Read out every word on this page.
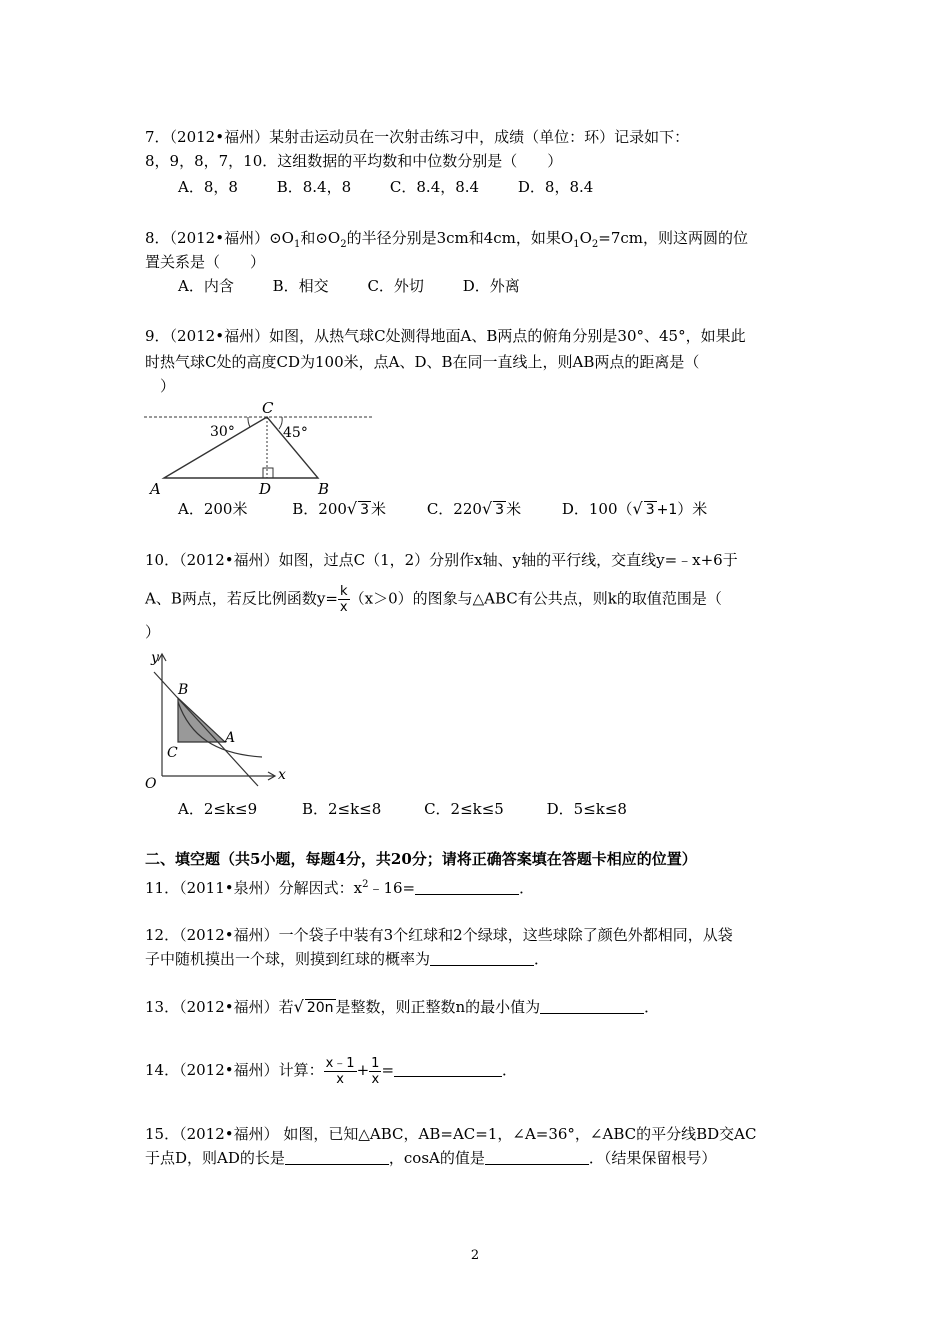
7．（2012•福州）某射击运动员在一次射击练习中，成绩（单位：环）记录如下：
8，9，8，7，10．这组数据的平均数和中位数分别是（　　）
A．8，8	B．8.4，8	C．8.4，8.4	D．8，8.4
8．（2012•福州）$⊙O_1$和$⊙O_2$的半径分别是3cm和4cm，如果$O_1O_2=7cm$，则这两圆的位
置关系是（　　）
A．内含	B．相交	C．外切	D．外离
9．（2012•福州）如图，从热气球C处测得地面A、B两点的俯角分别是30°、45°，如果此
时热气球C处的高度CD为100米，点A、D、B在同一直线上，则AB两点的距离是（
）
C
30°	45°
A	D	B
A．200米	B．200√ 3 米	C．220√ 3 米	D．100（√ 3 +1）米
10．（2012•福州）如图，过点C（1，2）分别作x轴、y轴的平行线，交直线y=﹣x+6于
A、B两点，若反比例函数$y= \frac{k}{x} (x>0)$的图象与△ABC有公共点，则k的取值范围是（
）
y
x
O
B
C
A
A．2≤k≤9	B．2≤k≤8	C．2≤k≤5	D．5≤k≤8
二、填空题（共5小题，每题4分，共20分；请将正确答案填在答题卡相应的位置）
11．（2011•泉州）分解因式：$x^2﹣16=$	．
12．（2012•福州）一个袋子中装有3个红球和2个绿球，这些球除了颜色外都相同，从袋
子中随机摸出一个球，则摸到红球的概率为	．
13．（2012•福州）若√ 20n 是整数，则正整数n的最小值为	．
14．（2012•福州）计算： $\frac{x﹣1}{x} + \frac{1}{x}$ =	．
15．（2012•福州） 如图，已知△ABC，AB=AC=1，∠A=36°，∠ABC的平分线BD交AC
于点D，则AD的长是	，cosA的值是	．（结果保留根号）
2
